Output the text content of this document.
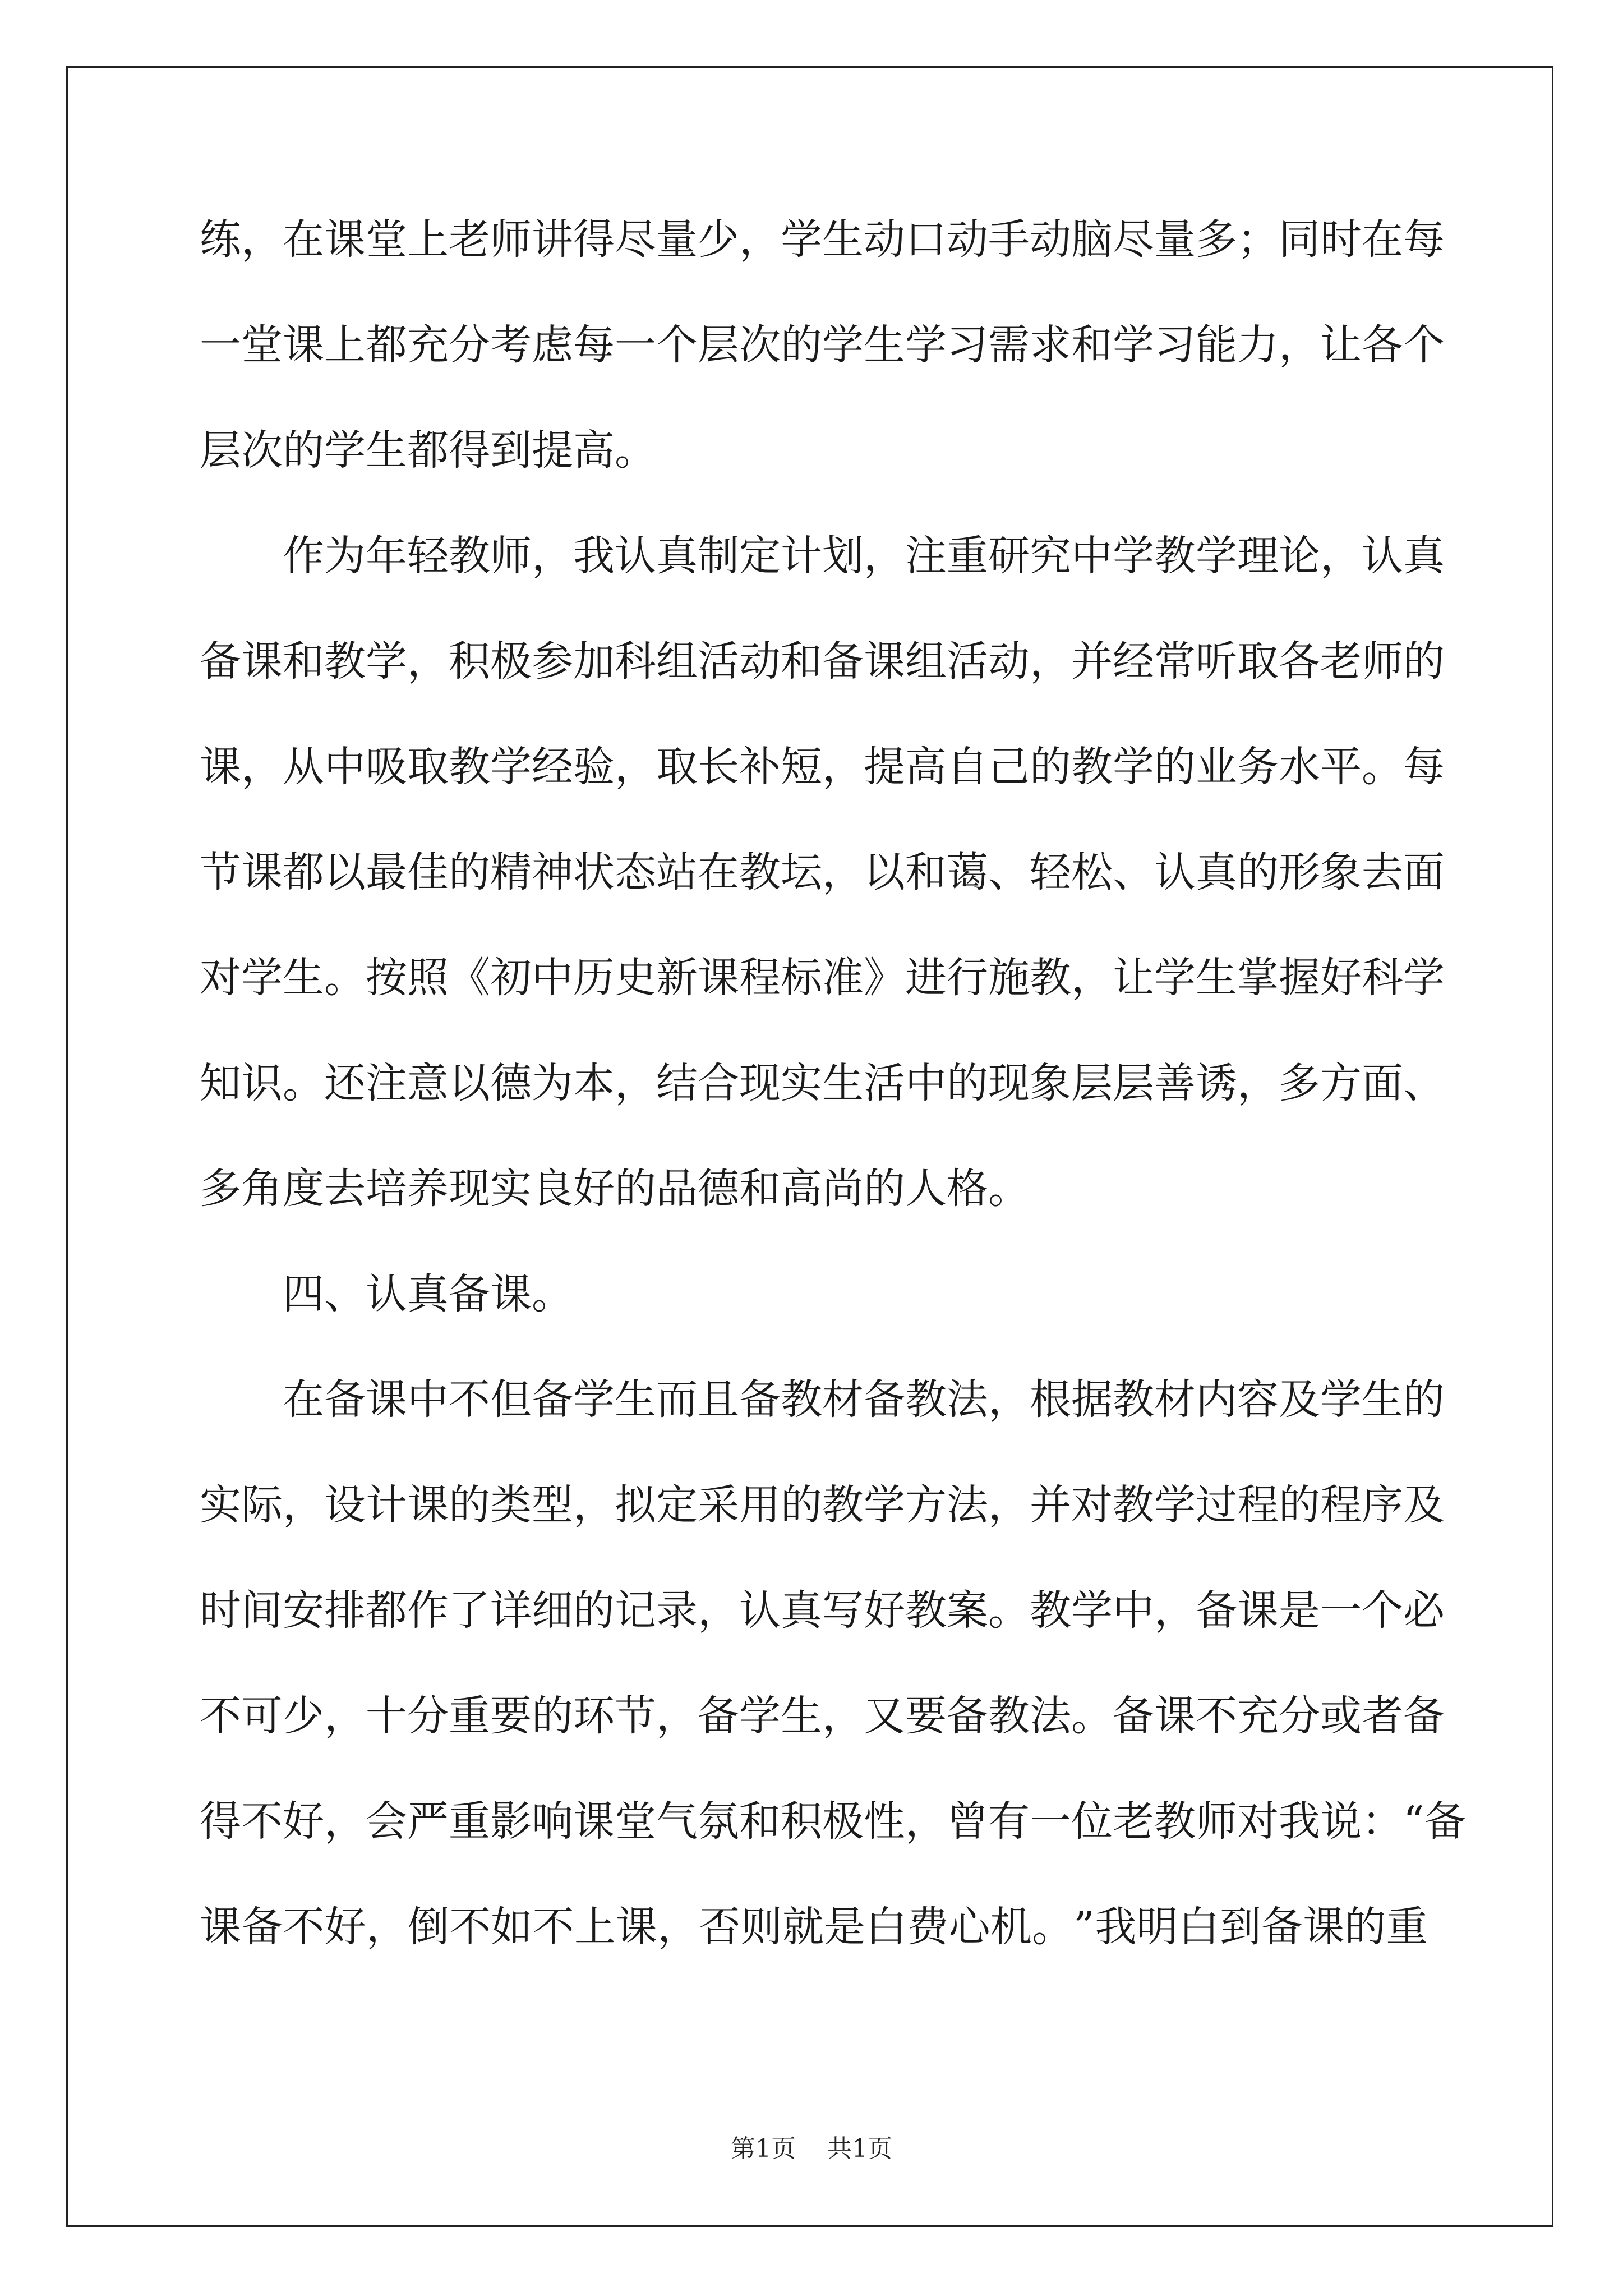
练 ， 在 课 堂 上 老 师 讲 得 尽 量 少 ， 学 生 动 口 动 手 动 脑 尽 量 多 ； 同 时 在 每
一 堂 课 上 都 充 分 考 虑 每 一 个 层 次 的 学 生 学 习 需 求 和 学 习 能 力 ， 让 各 个
层次的学生都得到提高。
作 为 年 轻 教 师 ， 我 认 真 制 定 计 划 ， 注 重 研 究 中 学 教 学 理 论 ， 认 真
备 课 和 教 学 ， 积 极 参 加 科 组 活 动 和 备 课 组 活 动 ， 并 经 常 听 取 各 老 师 的
课 ， 从 中 吸 取 教 学 经 验 ， 取 长 补 短 ， 提 高 自 己 的 教 学 的 业 务 水 平 。 每
节 课 都 以 最 佳 的 精 神 状 态 站 在 教 坛 ， 以 和 蔼 、 轻 松 、 认 真 的 形 象 去 面
对 学 生 。 按 照 《 初 中 历 史 新 课 程 标 准 》 进 行 施 教 ， 让 学 生 掌 握 好 科 学
知 识 。 还 注 意 以 德 为 本 ， 结 合 现 实 生 活 中 的 现 象 层 层 善 诱 ， 多 方 面 、
多角度去培养现实良好的品德和高尚的人格。
四、认真备课。
在 备 课 中 不 但 备 学 生 而 且 备 教 材 备 教 法 ， 根 据 教 材 内 容 及 学 生 的
实 际 ， 设 计 课 的 类 型 ， 拟 定 采 用 的 教 学 方 法 ， 并 对 教 学 过 程 的 程 序 及
时 间 安 排 都 作 了 详 细 的 记 录 ， 认 真 写 好 教 案 。 教 学 中 ， 备 课 是 一 个 必
不 可 少 ， 十 分 重 要 的 环 节 ， 备 学 生 ， 又 要 备 教 法 。 备 课 不 充 分 或 者 备
得 不 好 ， 会 严 重 影 响 课 堂 气 氛 和 积 极 性 ， 曾 有 一 位 老 教 师 对 我 说 ： “ 备
课 备 不 好 ， 倒 不 如 不 上 课 ， 否 则 就 是 白 费 心 机 。 ” 我 明 白 到 备 课 的 重
第1页 共1页
